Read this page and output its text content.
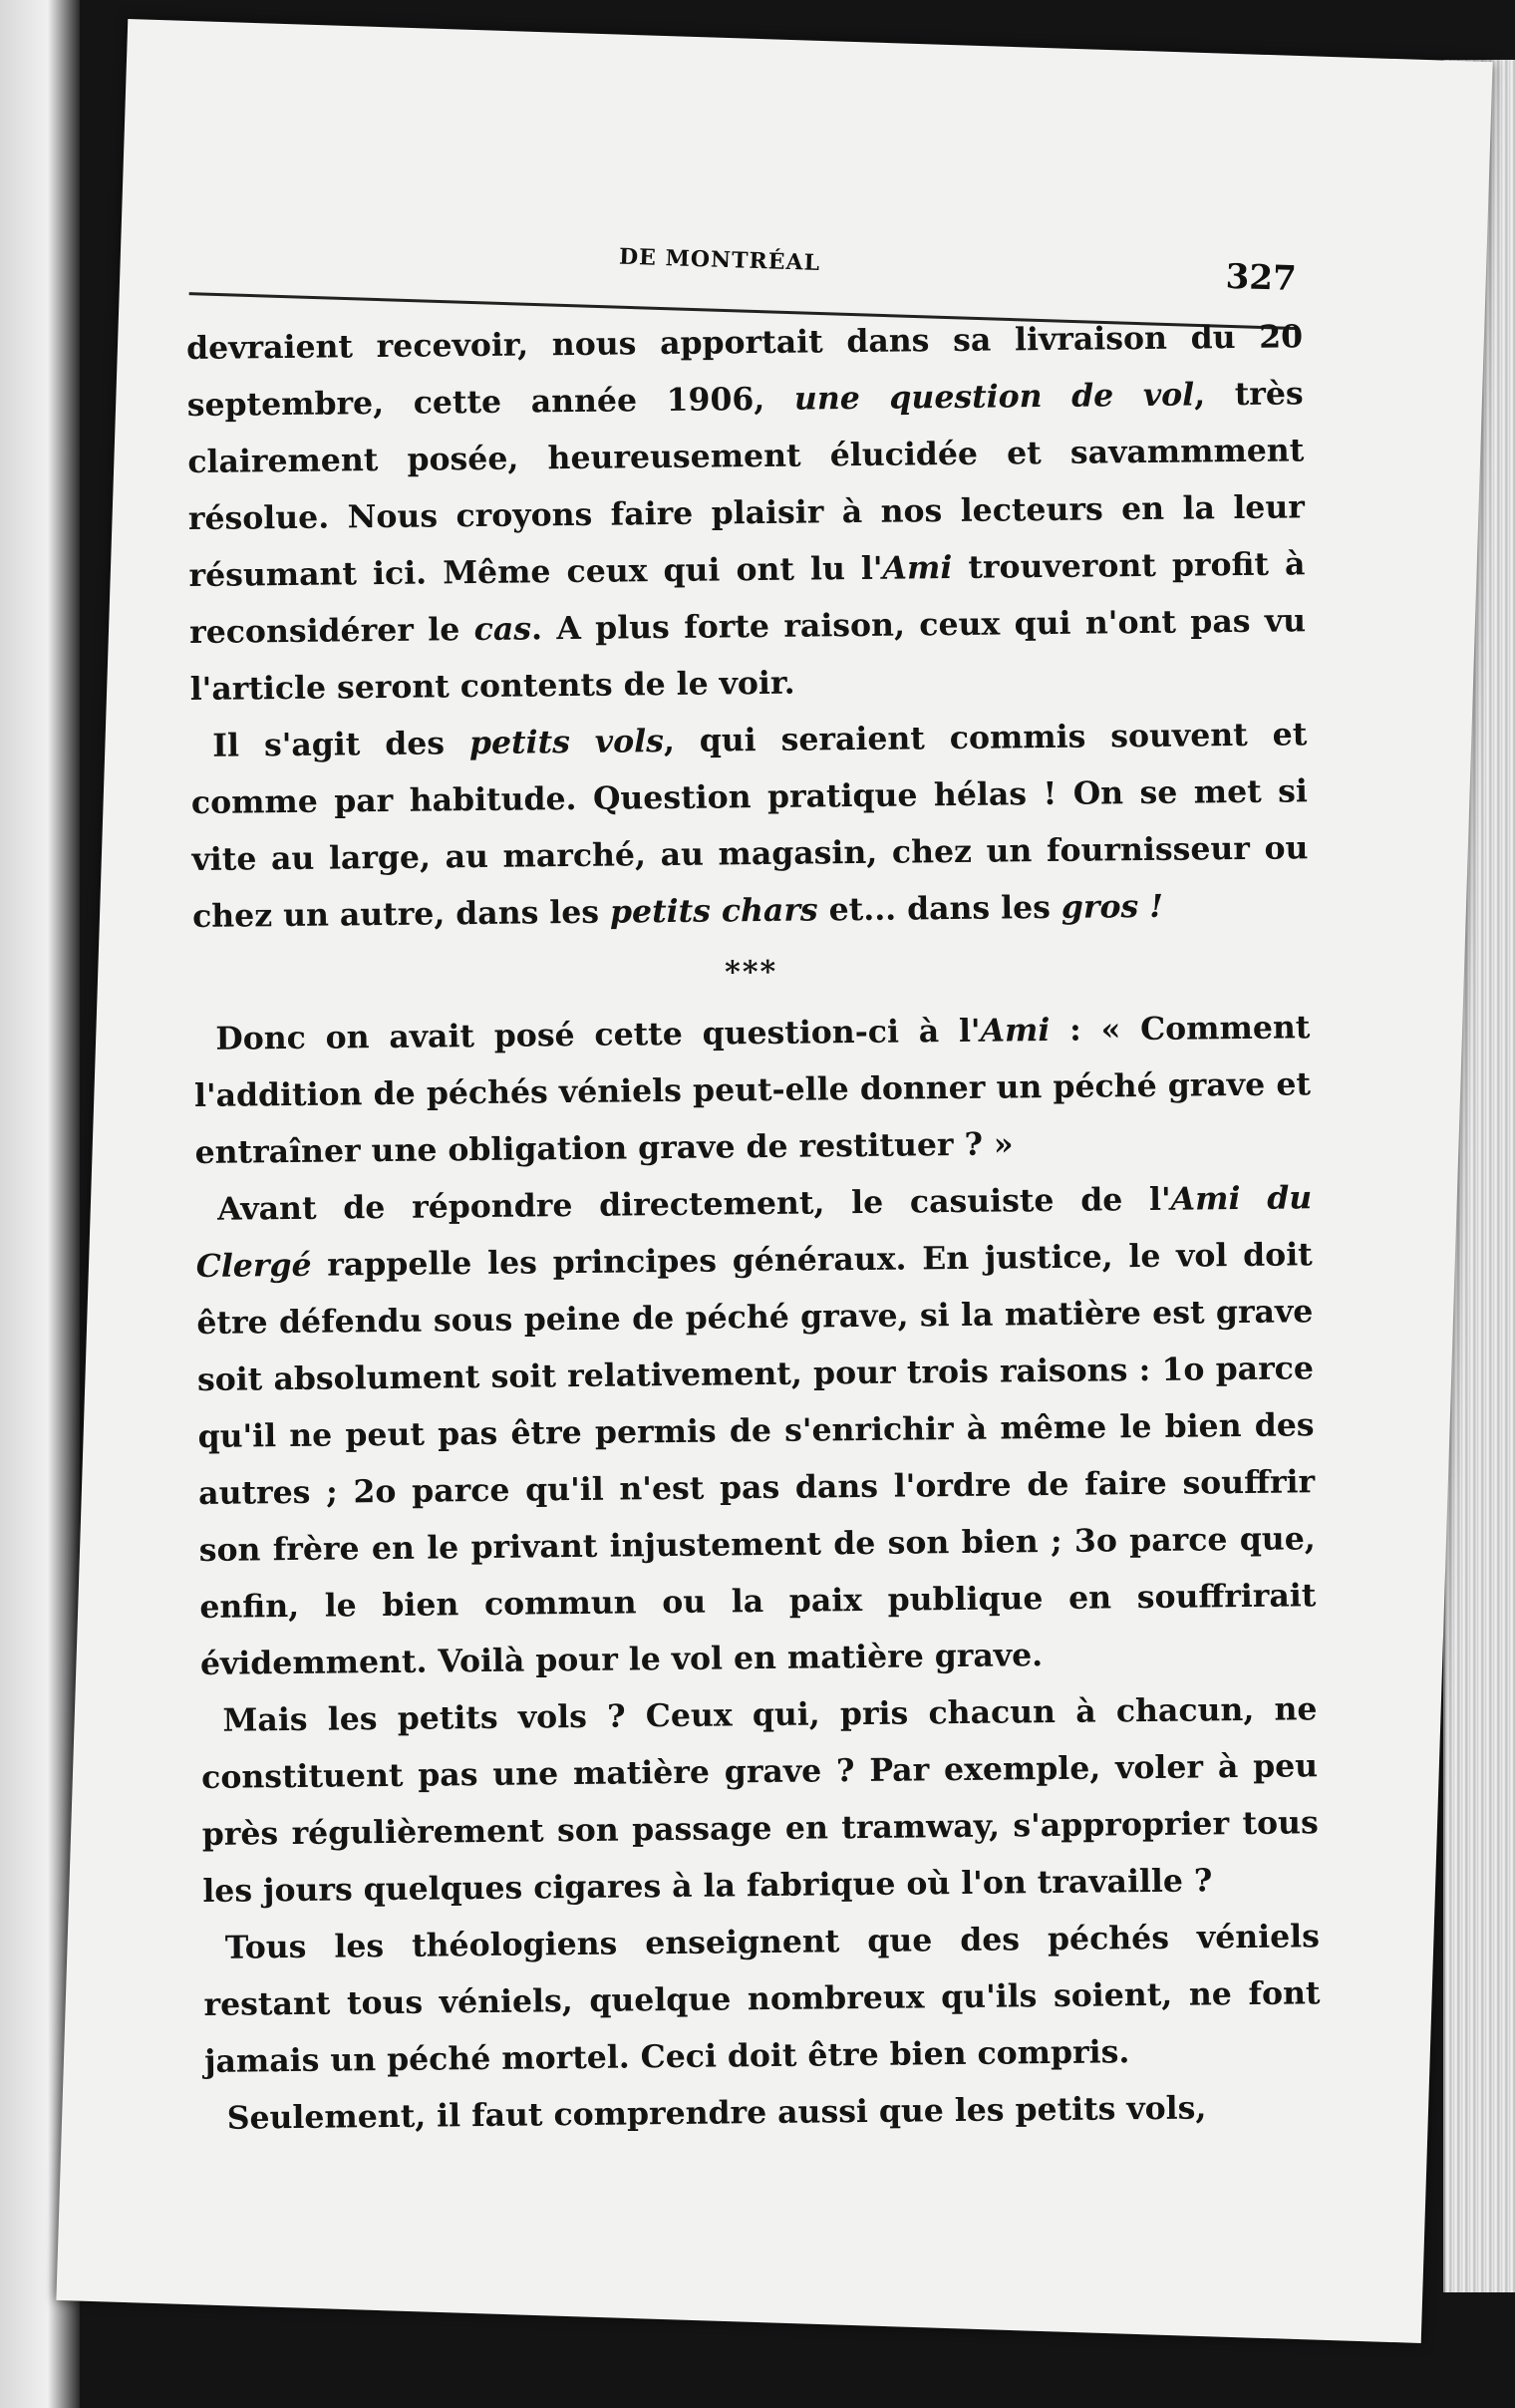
DE MONTRÉAL	327

devraient recevoir, nous apportait dans sa livraison du 20 septembre, cette année 1906, une question de vol, très clairement posée, heureusement élucidée et savammment résolue. Nous croyons faire plaisir à nos lecteurs en la leur résumant ici. Même ceux qui ont lu l'Ami trouveront profit à reconsidérer le cas. A plus forte raison, ceux qui n'ont pas vu l'article seront contents de le voir.

Il s'agit des petits vols, qui seraient commis souvent et comme par habitude. Question pratique hélas ! On se met si vite au large, au marché, au magasin, chez un fournisseur ou chez un autre, dans les petits chars et... dans les gros !

***

Donc on avait posé cette question-ci à l'Ami : « Comment l'addition de péchés véniels peut-elle donner un péché grave et entraîner une obligation grave de restituer ? »

Avant de répondre directement, le casuiste de l'Ami du Clergé rappelle les principes généraux. En justice, le vol doit être défendu sous peine de péché grave, si la matière est grave soit absolument soit relativement, pour trois raisons : 1o parce qu'il ne peut pas être permis de s'enrichir à même le bien des autres ; 2o parce qu'il n'est pas dans l'ordre de faire souffrir son frère en le privant injustement de son bien ; 3o parce que, enfin, le bien commun ou la paix publique en souffrirait évidemment. Voilà pour le vol en matière grave.

Mais les petits vols ? Ceux qui, pris chacun à chacun, ne constituent pas une matière grave ? Par exemple, voler à peu près régulièrement son passage en tramway, s'approprier tous les jours quelques cigares à la fabrique où l'on travaille ?

Tous les théologiens enseignent que des péchés véniels restant tous véniels, quelque nombreux qu'ils soient, ne font jamais un péché mortel. Ceci doit être bien compris.

Seulement, il faut comprendre aussi que les petits vols,
